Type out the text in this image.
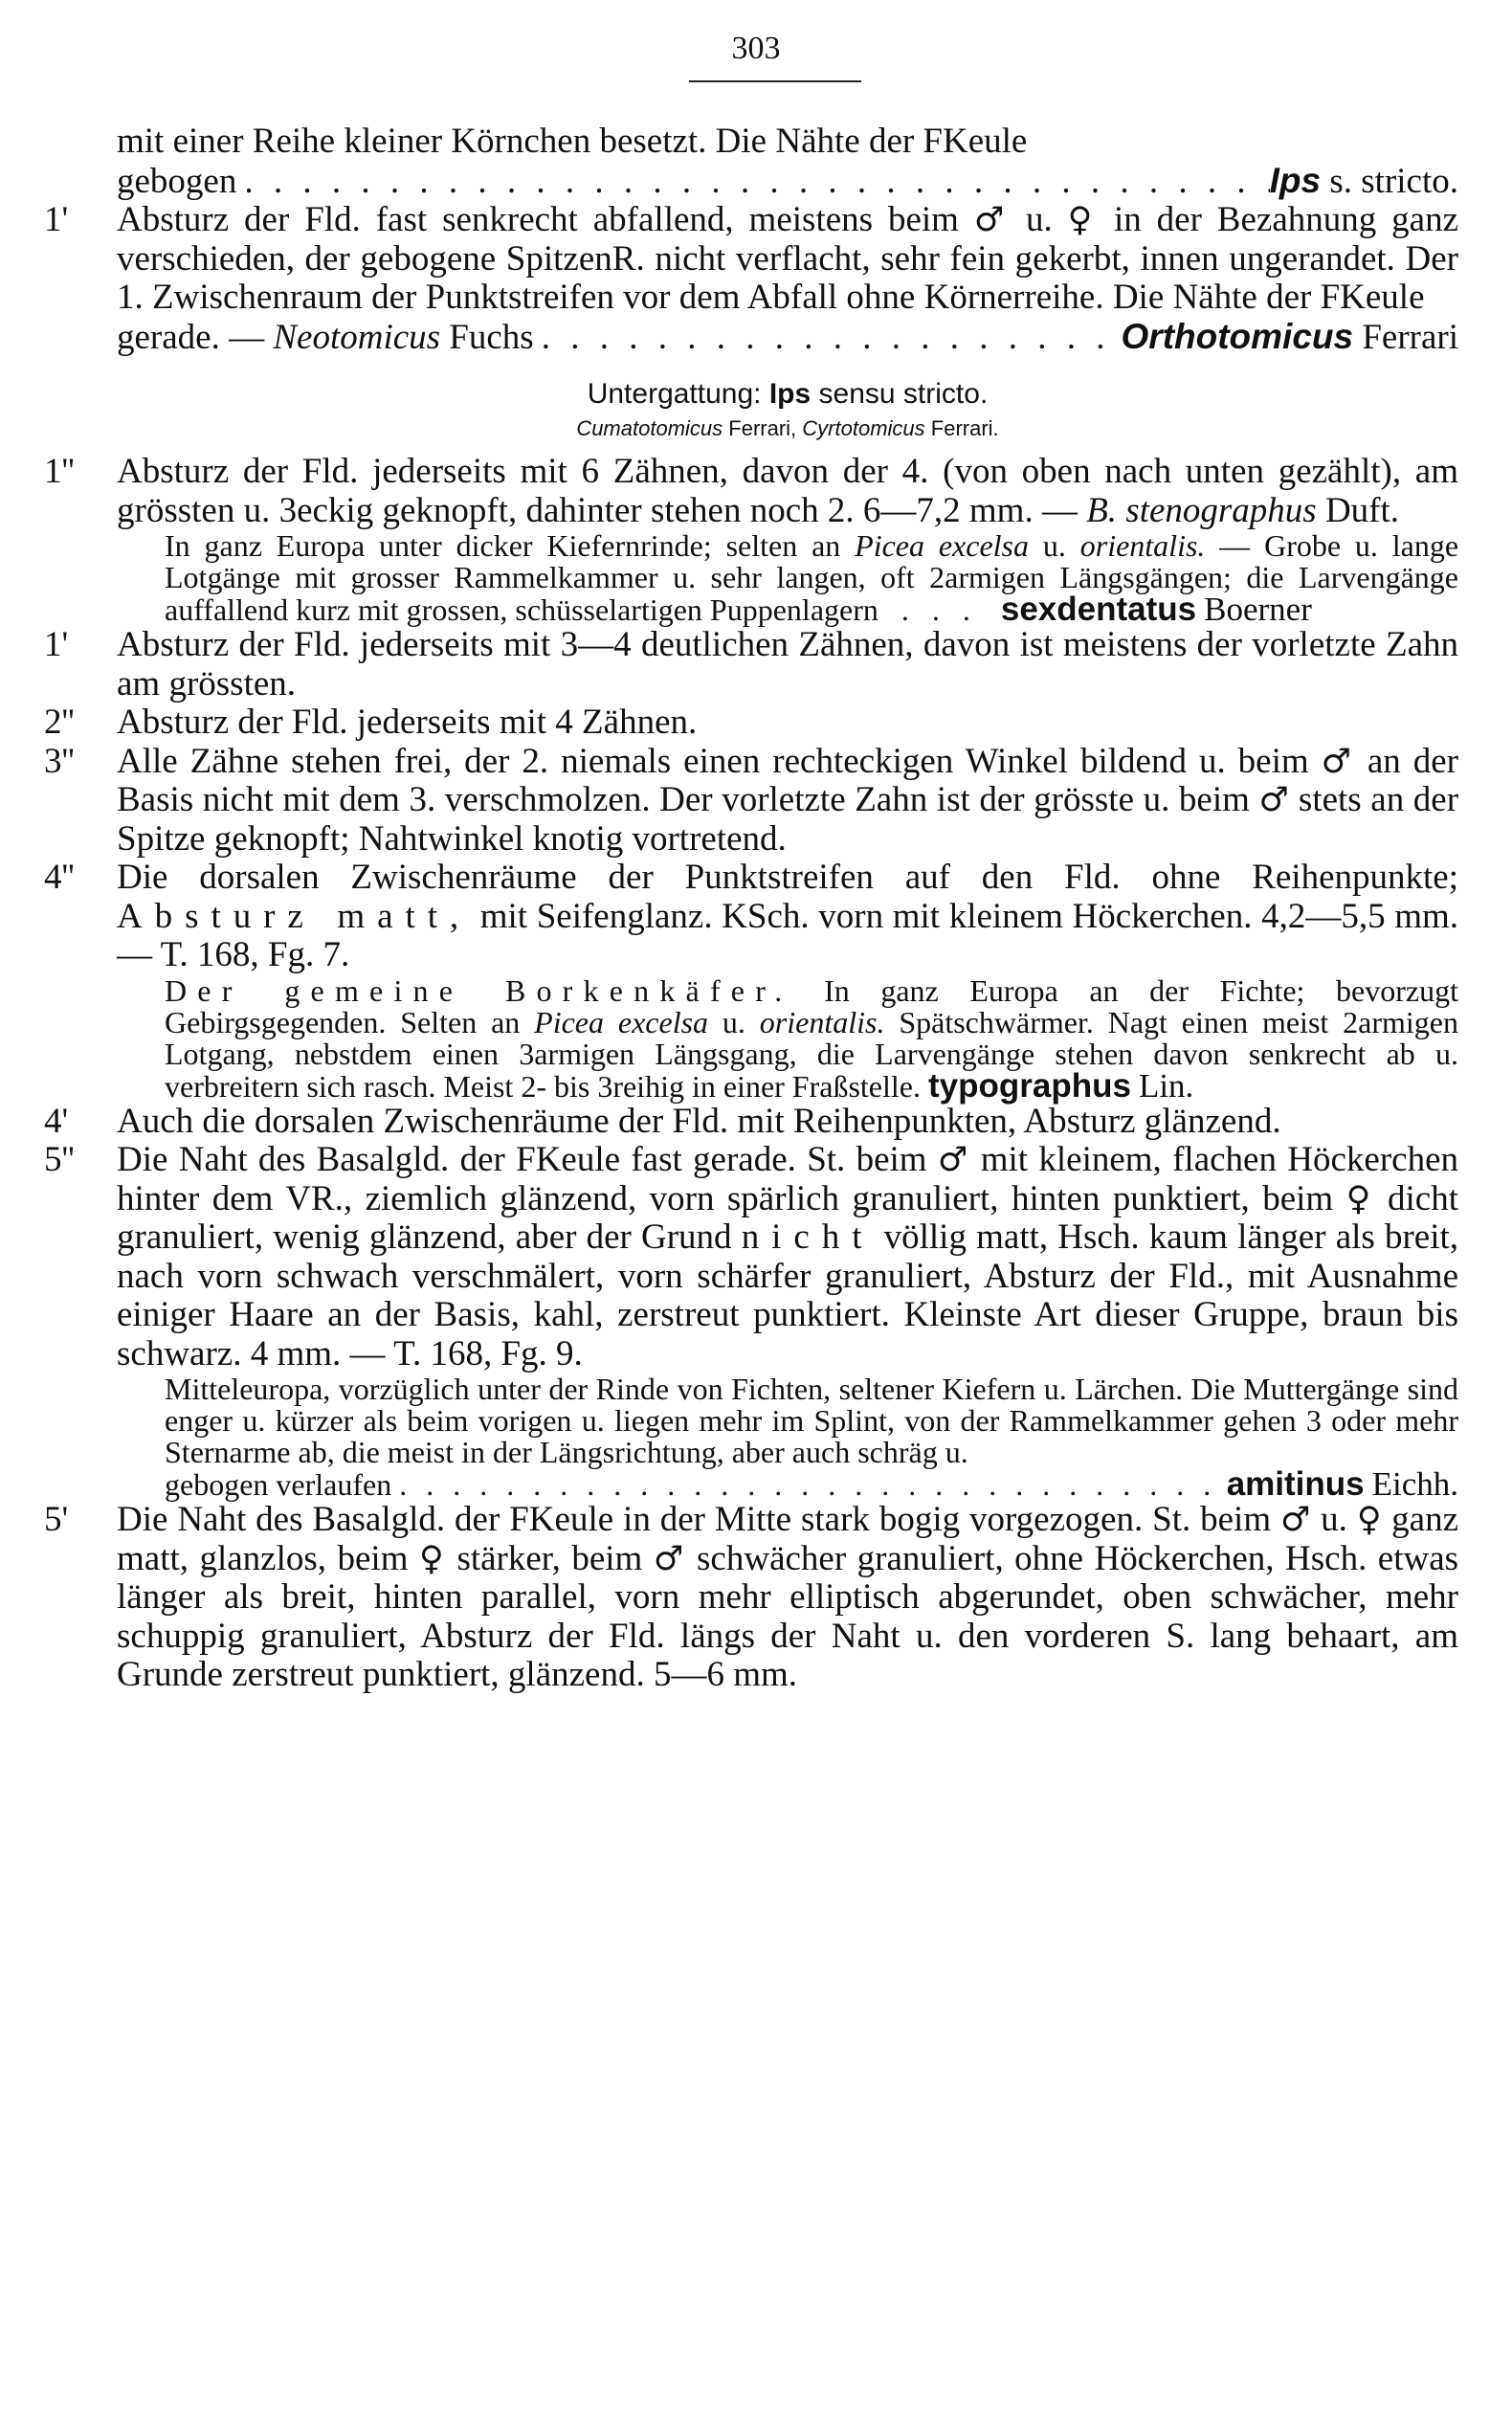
303
mit einer Reihe kleiner Körnchen besetzt. Die Nähte der FKeule
gebogen . . .	Ips
s. stricto.
1'	Absturz der Fld. fast senkrecht abfallend, meistens beim ♂ u. ♀ in der Bezahnung ganz verschieden, der gebogene SpitzenR. nicht verflacht, sehr fein gekerbt, innen ungerandet. Der 1. Zwischenraum der Punktstreifen vor dem Abfall ohne Körnerreihe. Die Nähte der FKeule
gerade. —
Neotomicus
Fuchs . . .	Orthotomicus
Ferrari
Untergattung: Ips sensu stricto.
Cumatotomicus Ferrari, Cyrtotomicus Ferrari.
1''	Absturz der Fld. jederseits mit 6 Zähnen, davon der 4. (von oben nach unten gezählt), am grössten u. 3eckig geknopft, dahinter stehen noch 2. 6—7,2 mm. — B. stenographus Duft.
In ganz Europa unter dicker Kiefernrinde; selten an Picea excelsa u. orientalis. — Grobe u. lange Lotgänge mit grosser Rammelkammer u. sehr langen, oft 2armigen Längsgängen; die Larvengänge auffallend kurz mit grossen, schüsselartigen Puppenlagern  . . .  sexdentatus Boerner
1'	Absturz der Fld. jederseits mit 3—4 deutlichen Zähnen, davon ist meistens der vorletzte Zahn am grössten.
2''	Absturz der Fld. jederseits mit 4 Zähnen.
3''	Alle Zähne stehen frei, der 2. niemals einen rechteckigen Winkel bildend u. beim ♂ an der Basis nicht mit dem 3. verschmolzen. Der vorletzte Zahn ist der grösste u. beim ♂ stets an der Spitze geknopft; Nahtwinkel knotig vortretend.
4''	Die dorsalen Zwischenräume der Punktstreifen auf den Fld. ohne Reihenpunkte; Absturz matt, mit Seifenglanz. KSch. vorn mit kleinem Höckerchen. 4,2—5,5 mm. — T. 168, Fg. 7.
Der gemeine Borkenkäfer. In ganz Europa an der Fichte; bevorzugt Gebirgsgegenden. Selten an Picea excelsa u. orientalis. Spätschwärmer. Nagt einen meist 2armigen Lotgang, nebstdem einen 3armigen Längsgang, die Larvengänge stehen davon senkrecht ab u. verbreitern sich rasch. Meist 2- bis 3reihig in einer Fraßstelle. typographus Lin.
4'	Auch die dorsalen Zwischenräume der Fld. mit Reihenpunkten, Absturz glänzend.
5''	Die Naht des Basalgld. der FKeule fast gerade. St. beim ♂ mit kleinem, flachen Höckerchen hinter dem VR., ziemlich glänzend, vorn spärlich granuliert, hinten punktiert, beim ♀ dicht granuliert, wenig glänzend, aber der Grund nicht völlig matt, Hsch. kaum länger als breit, nach vorn schwach verschmälert, vorn schärfer granuliert, Absturz der Fld., mit Ausnahme einiger Haare an der Basis, kahl, zerstreut punktiert. Kleinste Art dieser Gruppe, braun bis schwarz. 4 mm. — T. 168, Fg. 9.
Mitteleuropa, vorzüglich unter der Rinde von Fichten, seltener Kiefern u. Lärchen. Die Muttergänge sind enger u. kürzer als beim vorigen u. liegen mehr im Splint, von der Rammelkammer gehen 3 oder mehr Sternarme ab, die meist in der Längsrichtung, aber auch schräg u.
gebogen verlaufen . . .	amitinus
Eichh.
5'	Die Naht des Basalgld. der FKeule in der Mitte stark bogig vorgezogen. St. beim ♂ u. ♀ ganz matt, glanzlos, beim ♀ stärker, beim ♂ schwächer granuliert, ohne Höckerchen, Hsch. etwas länger als breit, hinten parallel, vorn mehr elliptisch abgerundet, oben schwächer, mehr schuppig granuliert, Absturz der Fld. längs der Naht u. den vorderen S. lang behaart, am Grunde zerstreut punktiert, glänzend. 5—6 mm.
